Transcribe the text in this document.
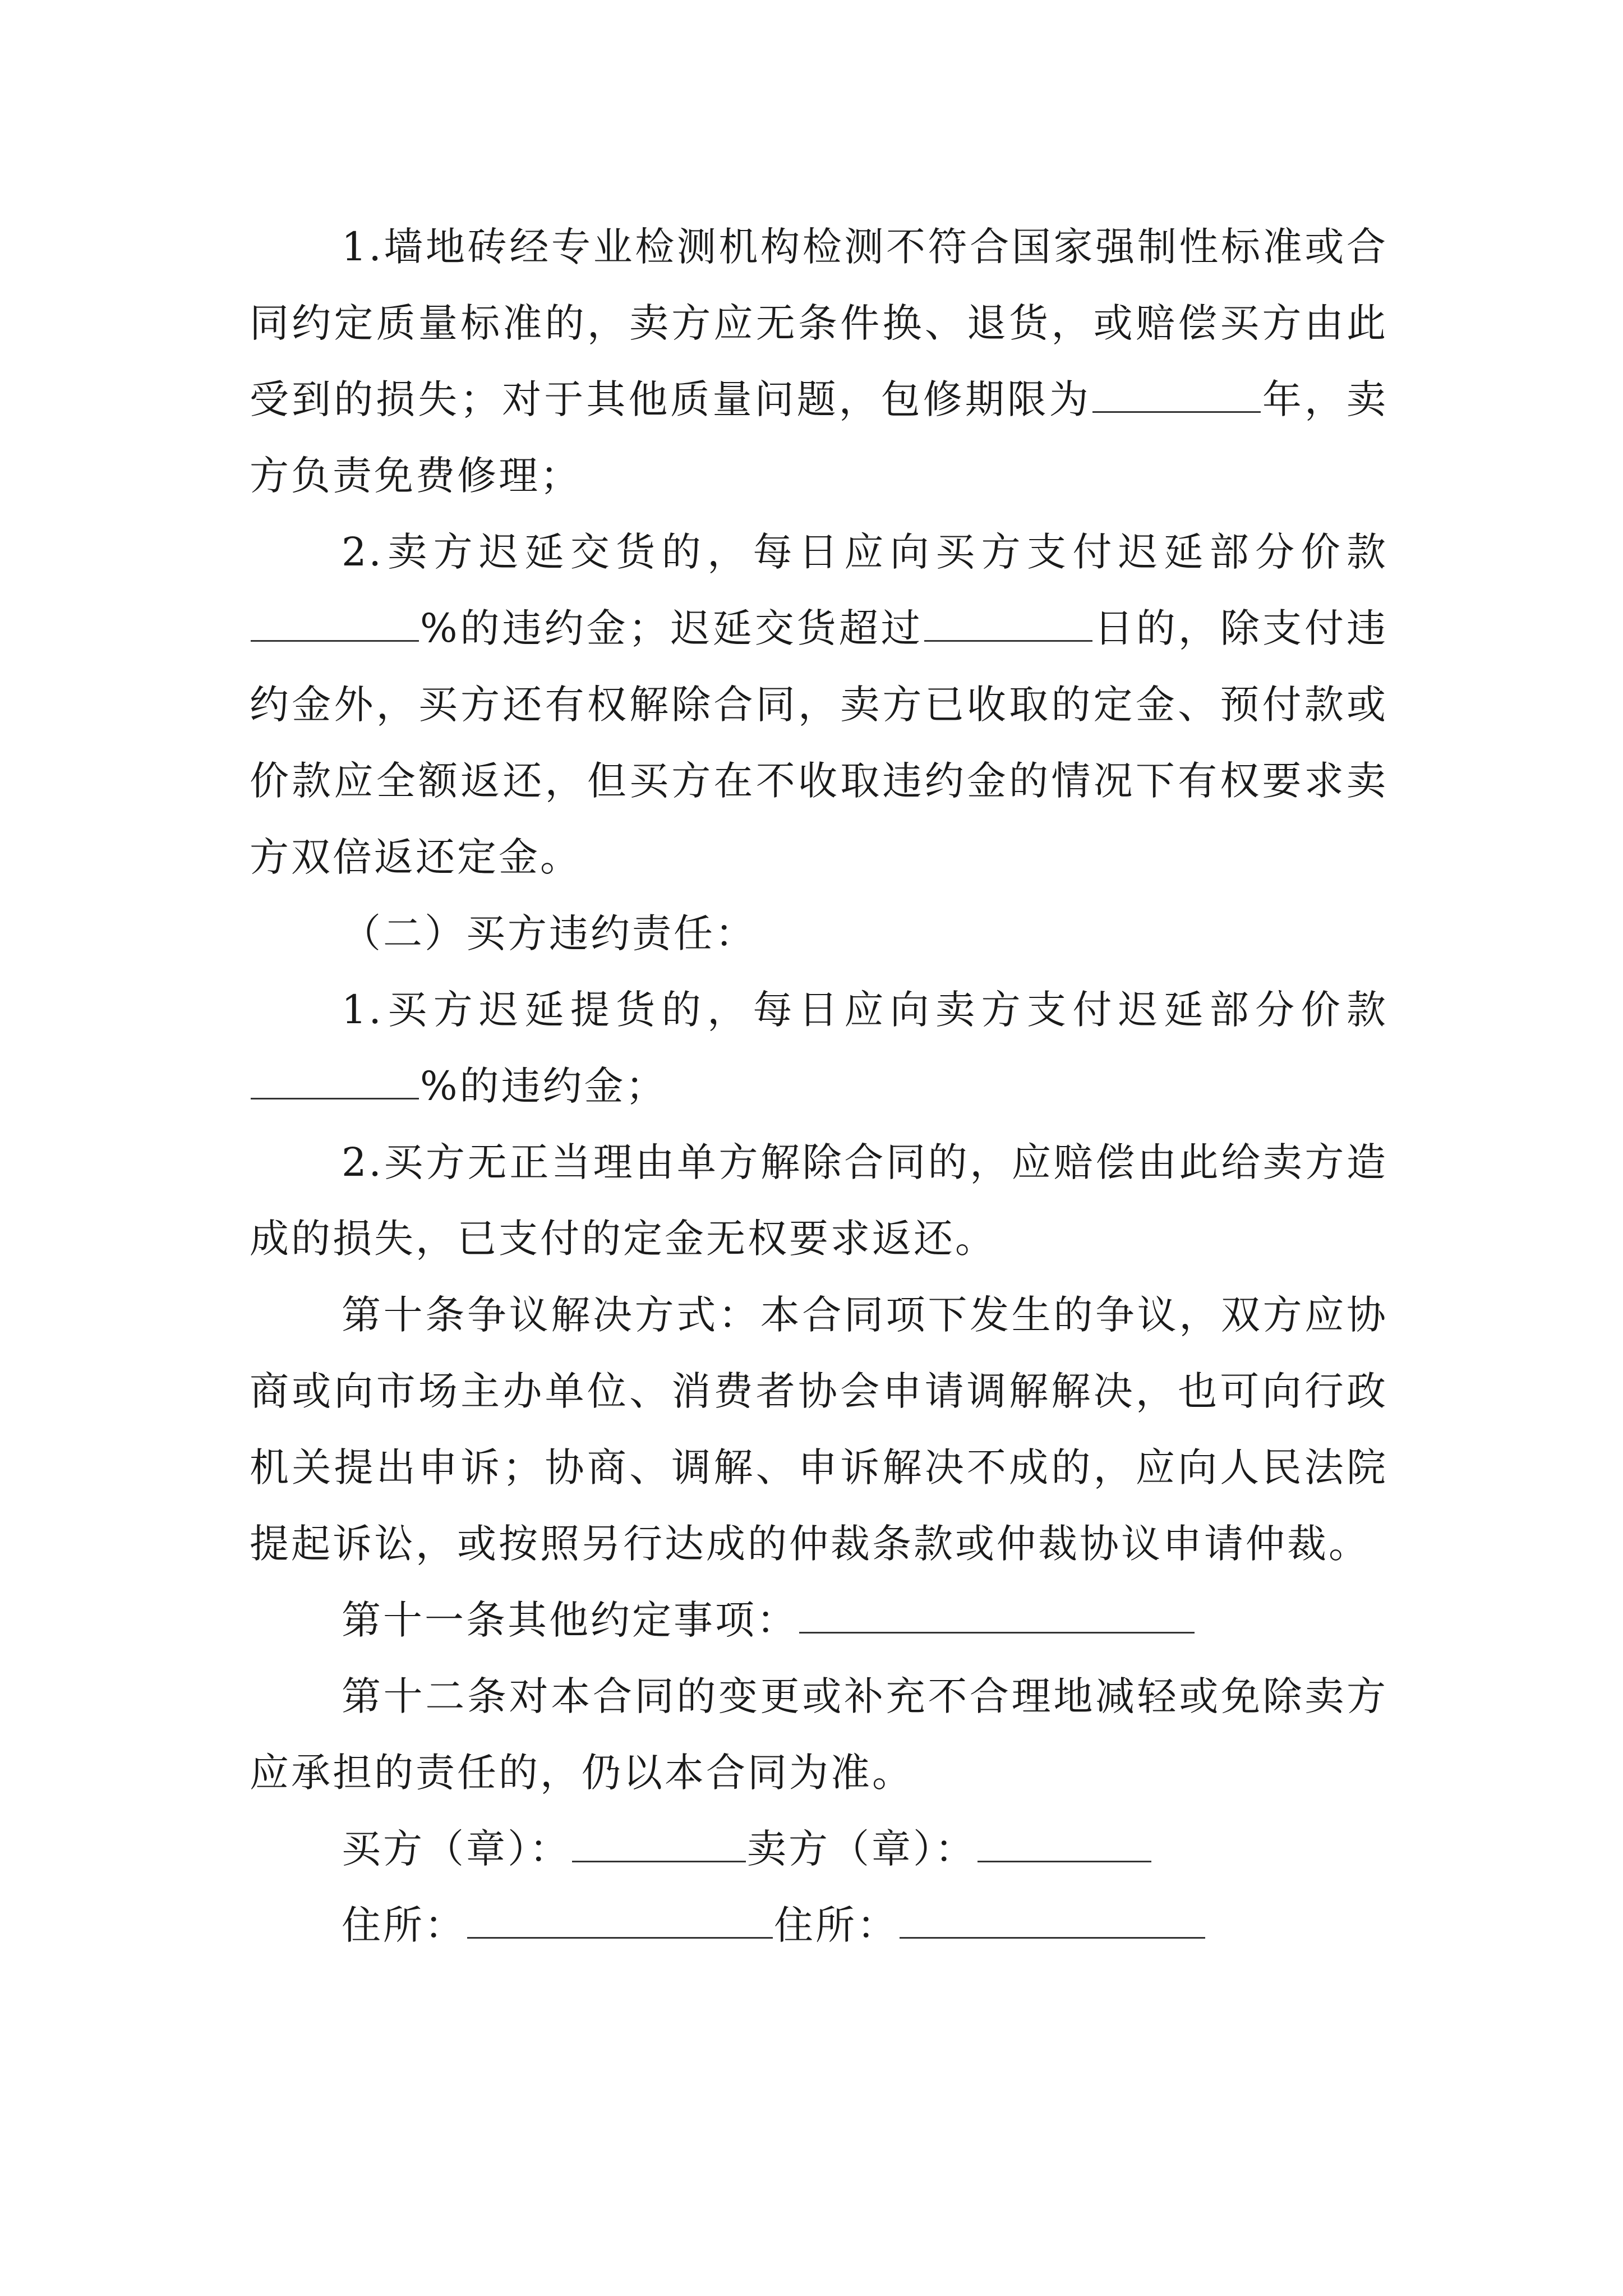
1.墙地砖经专业检测机构检测不符合国家强制性标准或合同约定质量标准的，卖方应无条件换、退货，或赔偿买方由此受到的损失；对于其他质量问题，包修期限为	年，卖方负责免费修理；

2.卖方迟延交货的，每日应向买方支付迟延部分价款%的违约金；迟延交货超过	日的，除支付违约金外，买方还有权解除合同，卖方已收取的定金、预付款或价款应全额返还，但买方在不收取违约金的情况下有权要求卖方双倍返还定金。

（二）买方违约责任：

1.买方迟延提货的，每日应向卖方支付迟延部分价款%的违约金；

2.买方无正当理由单方解除合同的，应赔偿由此给卖方造成的损失，已支付的定金无权要求返还。

第十条争议解决方式：本合同项下发生的争议，双方应协商或向市场主办单位、消费者协会申请调解解决，也可向行政机关提出申诉；协商、调解、申诉解决不成的，应向人民法院提起诉讼，或按照另行达成的仲裁条款或仲裁协议申请仲裁。

第十一条其他约定事项：

第十二条对本合同的变更或补充不合理地减轻或免除卖方应承担的责任的，仍以本合同为准。

买方（章）：	卖方（章）：

住所：	住所：
